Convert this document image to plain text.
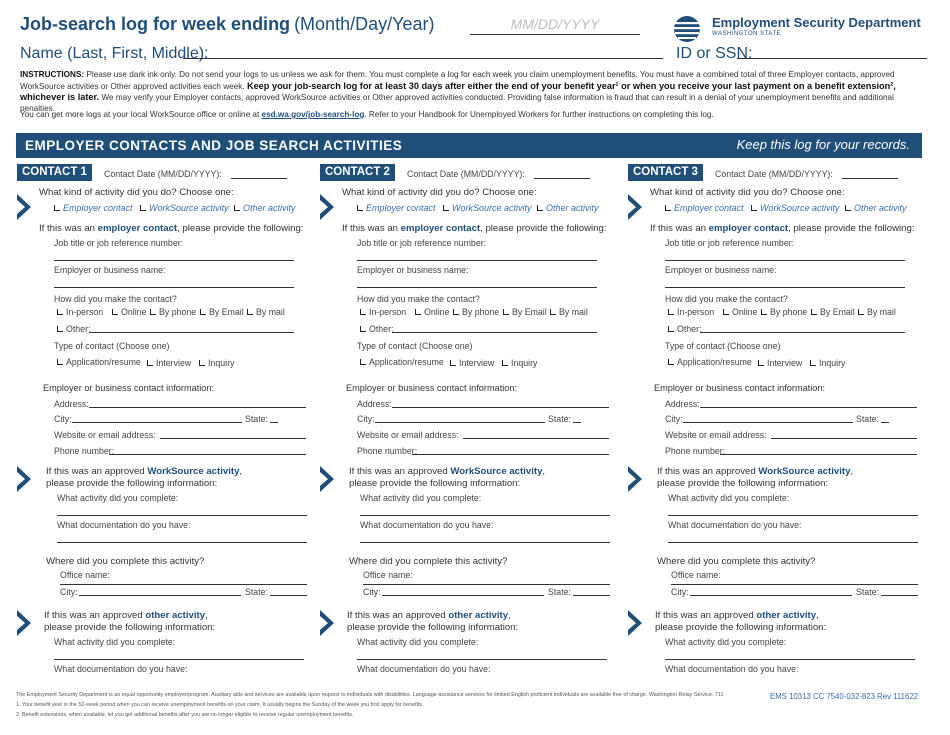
Job-search log for week ending (Month/Day/Year)	MM/DD/YYYY	Employment Security Department
WASHINGTON STATE
Name (Last, First, Middle):	ID or SSN:
INSTRUCTIONS: Please use dark ink only. Do not send your logs to us unless we ask for them. You must complete a log for each week you claim unemployment benefits. You must have a combined total of three Employer contacts, approved WorkSource activities or Other approved activities each week. Keep your job-search log for at least 30 days after either the end of your benefit year¹ or when you receive your last payment on a benefit extension², whichever is later. We may verify your Employer contacts, approved WorkSource activities or Other approved activities conducted. Providing false information is fraud that can result in a denial of your unemployment benefits and additional penalties.
You can get more logs at your local WorkSource office or online at esd.wa.gov/job-search-log. Refer to your Handbook for Unemployed Workers for further instructions on completing this log.
EMPLOYER CONTACTS AND JOB SEARCH ACTIVITIES	Keep this log for your records.
CONTACT 1	Contact Date (MM/DD/YYYY):
What kind of activity did you do? Choose one:
Employer contact	WorkSource activity	Other activity
If this was an employer contact, please provide the following:
Job title or job reference number:
Employer or business name:
How did you make the contact?
In-person	Online	By phone	By Email	By mail
Other:
Type of contact (Choose one)
Application/resume	Interview	Inquiry
Employer or business contact information:
Address:
City:	State:
Website or email address:
Phone number:
If this was an approved WorkSource activity,
please provide the following information:
What activity did you complete:
What documentation do you have:
Where did you complete this activity?
Office name:
City:	State:
If this was an approved other activity,
please provide the following information:
What activity did you complete:
What documentation do you have:
CONTACT 2	Contact Date (MM/DD/YYYY):
What kind of activity did you do? Choose one:
Employer contact	WorkSource activity	Other activity
If this was an employer contact, please provide the following:
Job title or job reference number:
Employer or business name:
How did you make the contact?
In-person	Online	By phone	By Email	By mail
Other:
Type of contact (Choose one)
Application/resume	Interview	Inquiry
Employer or business contact information:
Address:
City:	State:
Website or email address:
Phone number:
If this was an approved WorkSource activity,
please provide the following information:
What activity did you complete:
What documentation do you have:
Where did you complete this activity?
Office name:
City:	State:
If this was an approved other activity,
please provide the following information:
What activity did you complete:
What documentation do you have:
CONTACT 3	Contact Date (MM/DD/YYYY):
What kind of activity did you do? Choose one:
Employer contact	WorkSource activity	Other activity
If this was an employer contact, please provide the following:
Job title or job reference number:
Employer or business name:
How did you make the contact?
In-person	Online	By phone	By Email	By mail
Other:
Type of contact (Choose one)
Application/resume	Interview	Inquiry
Employer or business contact information:
Address:
City:	State:
Website or email address:
Phone number:
If this was an approved WorkSource activity,
please provide the following information:
What activity did you complete:
What documentation do you have:
Where did you complete this activity?
Office name:
City:	State:
If this was an approved other activity,
please provide the following information:
What activity did you complete:
What documentation do you have:
The Employment Security Department is an equal opportunity employer/program. Auxiliary aids and services are available upon request to individuals with disabilities. Language assistance services for limited English proficient individuals are available free of charge. Washington Relay Service: 711
1. Your benefit year is the 52-week period when you can receive unemployment benefits on your claim. It usually begins the Sunday of the week you first apply for benefits.
2. Benefit extensions, when available, let you get additional benefits after you are no longer eligible to receive regular unemployment benefits.
EMS 10313 CC 7540-032-823 Rev 111622
